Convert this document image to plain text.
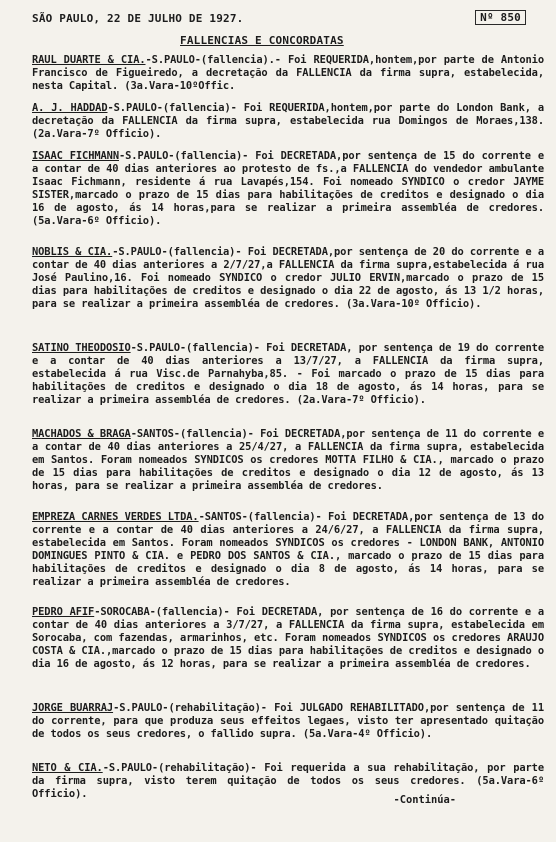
SÃO PAULO, 22 DE JULHO DE 1927.	Nº 850
FALLENCIAS E CONCORDATAS
RAUL DUARTE & CIA.-S.PAULO-(fallencia).- Foi REQUERIDA,hontem,por parte de Antonio Francisco de Figueiredo, a decretação da FALLENCIA da firma supra, estabelecida, nesta Capital. (3a.Vara-10ºOffic.
A. J. HADDAD-S.PAULO-(fallencia)- Foi REQUERIDA,hontem,por parte do London Bank, a decretação da FALLENCIA da firma supra, estabelecida rua Domingos de Moraes,138. (2a.Vara-7º Officio).
ISAAC FICHMANN-S.PAULO-(fallencia)- Foi DECRETADA,por sentença de 15 do corrente e a contar de 40 dias anteriores ao protesto de fs.,a FALLENCIA do vendedor ambulante Isaac Fichmann, residente á rua Lavapés,154. Foi nomeado SYNDICO o credor JAYME SISTER,marcado o prazo de 15 dias para habilitações de creditos e designado o dia 16 de agosto, ás 14 horas,para se realizar a primeira assembléa de credores. (5a.Vara-6º Officio).
NOBLIS & CIA.-S.PAULO-(fallencia)- Foi DECRETADA,por sentença de 20 do corrente e a contar de 40 dias anteriores a 2/7/27,a FALLENCIA da firma supra,estabelecida á rua José Paulino,16. Foi nomeado SYNDICO o credor JULIO ERVIN,marcado o prazo de 15 dias para habilitações de creditos e designado o dia 22 de agosto, ás 13 1/2 horas, para se realizar a primeira assembléa de credores. (3a.Vara-10º Officio).
SATINO THEODOSIO-S.PAULO-(fallencia)- Foi DECRETADA, por sentença de 19 do corrente e a contar de 40 dias anteriores a 13/7/27, a FALLENCIA da firma supra, estabelecida á rua Visc.de Parnahyba,85. - Foi marcado o prazo de 15 dias para habilitações de creditos e designado o dia 18 de agosto, ás 14 horas, para se realizar a primeira assembléa de credores. (2a.Vara-7º Officio).
MACHADOS & BRAGA-SANTOS-(fallencia)- Foi DECRETADA,por sentença de 11 do corrente e a contar de 40 dias anteriores a 25/4/27, a FALLENCIA da firma supra, estabelecida em Santos. Foram nomeados SYNDICOS os credores MOTTA FILHO & CIA., marcado o prazo de 15 dias para habilitações de creditos e designado o dia 12 de agosto, ás 13 horas, para se realizar a primeira assembléa de credores.
EMPREZA CARNES VERDES LTDA.-SANTOS-(fallencia)- Foi DECRETADA,por sentença de 13 do corrente e a contar de 40 dias anteriores a 24/6/27, a FALLENCIA da firma supra, estabelecida em Santos. Foram nomeados SYNDICOS os credores - LONDON BANK, ANTONIO DOMINGUES PINTO & CIA. e PEDRO DOS SANTOS & CIA., marcado o prazo de 15 dias para habilitações de creditos e designado o dia 8 de agosto, ás 14 horas, para se realizar a primeira assembléa de credores.
PEDRO AFIF-SOROCABA-(fallencia)- Foi DECRETADA, por sentença de 16 do corrente e a contar de 40 dias anteriores a 3/7/27, a FALLENCIA da firma supra, estabelecida em Sorocaba, com fazendas, armarinhos, etc. Foram nomeados SYNDICOS os credores ARAUJO COSTA & CIA.,marcado o prazo de 15 dias para habilitações de creditos e designado o dia 16 de agosto, ás 12 horas, para se realizar a primeira assembléa de credores.
JORGE BUARRAJ-S.PAULO-(rehabilitação)- Foi JULGADO REHABILITADO,por sentença de 11 do corrente, para que produza seus effeitos legaes, visto ter apresentado quitação de todos os seus credores, o fallido supra. (5a.Vara-4º Officio).
NETO & CIA.-S.PAULO-(rehabilitação)- Foi requerida a sua rehabilitação, por parte da firma supra, visto terem quitação de todos os seus credores. (5a.Vara-6º Officio).	-Continúa-
